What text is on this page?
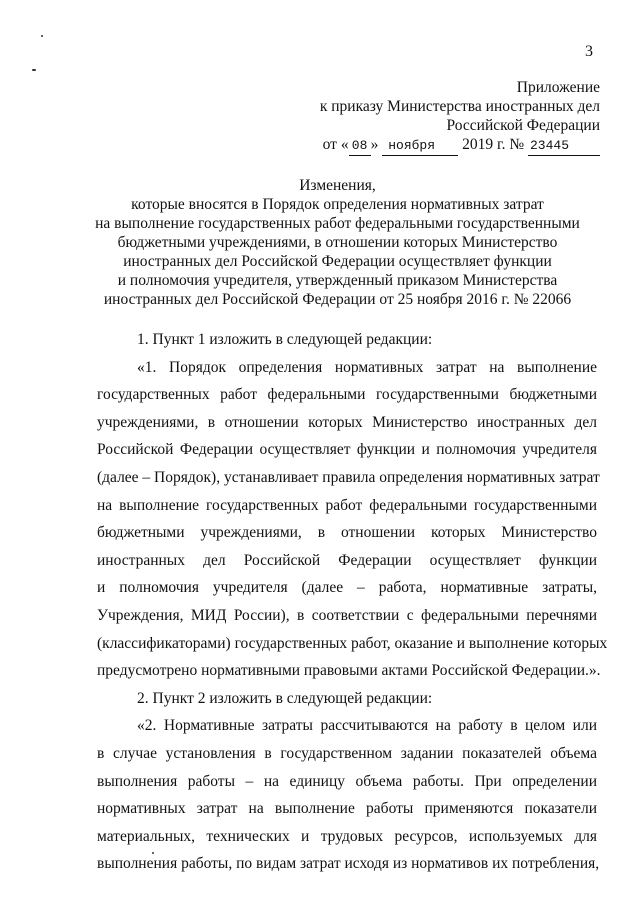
3
Приложение
к приказу Министерства иностранных дел
Российской Федерации
от « 08 » ноября 2019 г. № 23445
Изменения,
которые вносятся в Порядок определения нормативных затрат
на выполнение государственных работ федеральными государственными
бюджетными учреждениями, в отношении которых Министерство
иностранных дел Российской Федерации осуществляет функции
и полномочия учредителя, утвержденный приказом Министерства
иностранных дел Российской Федерации от 25 ноября 2016 г. № 22066
1. Пункт 1 изложить в следующей редакции:
«1. Порядок определения нормативных затрат на выполнение
государственных работ федеральными государственными бюджетными
учреждениями, в отношении которых Министерство иностранных дел
Российской Федерации осуществляет функции и полномочия учредителя
(далее – Порядок), устанавливает правила определения нормативных затрат
на выполнение государственных работ федеральными государственными
бюджетными учреждениями, в отношении которых Министерство
иностранных дел Российской Федерации осуществляет функции
и полномочия учредителя (далее – работа, нормативные затраты,
Учреждения, МИД России), в соответствии с федеральными перечнями
(классификаторами) государственных работ, оказание и выполнение которых
предусмотрено нормативными правовыми актами Российской Федерации.».
2. Пункт 2 изложить в следующей редакции:
«2. Нормативные затраты рассчитываются на работу в целом или
в случае установления в государственном задании показателей объема
выполнения работы – на единицу объема работы. При определении
нормативных затрат на выполнение работы применяются показатели
материальных, технических и трудовых ресурсов, используемых для
выполнения работы, по видам затрат исходя из нормативов их потребления,
